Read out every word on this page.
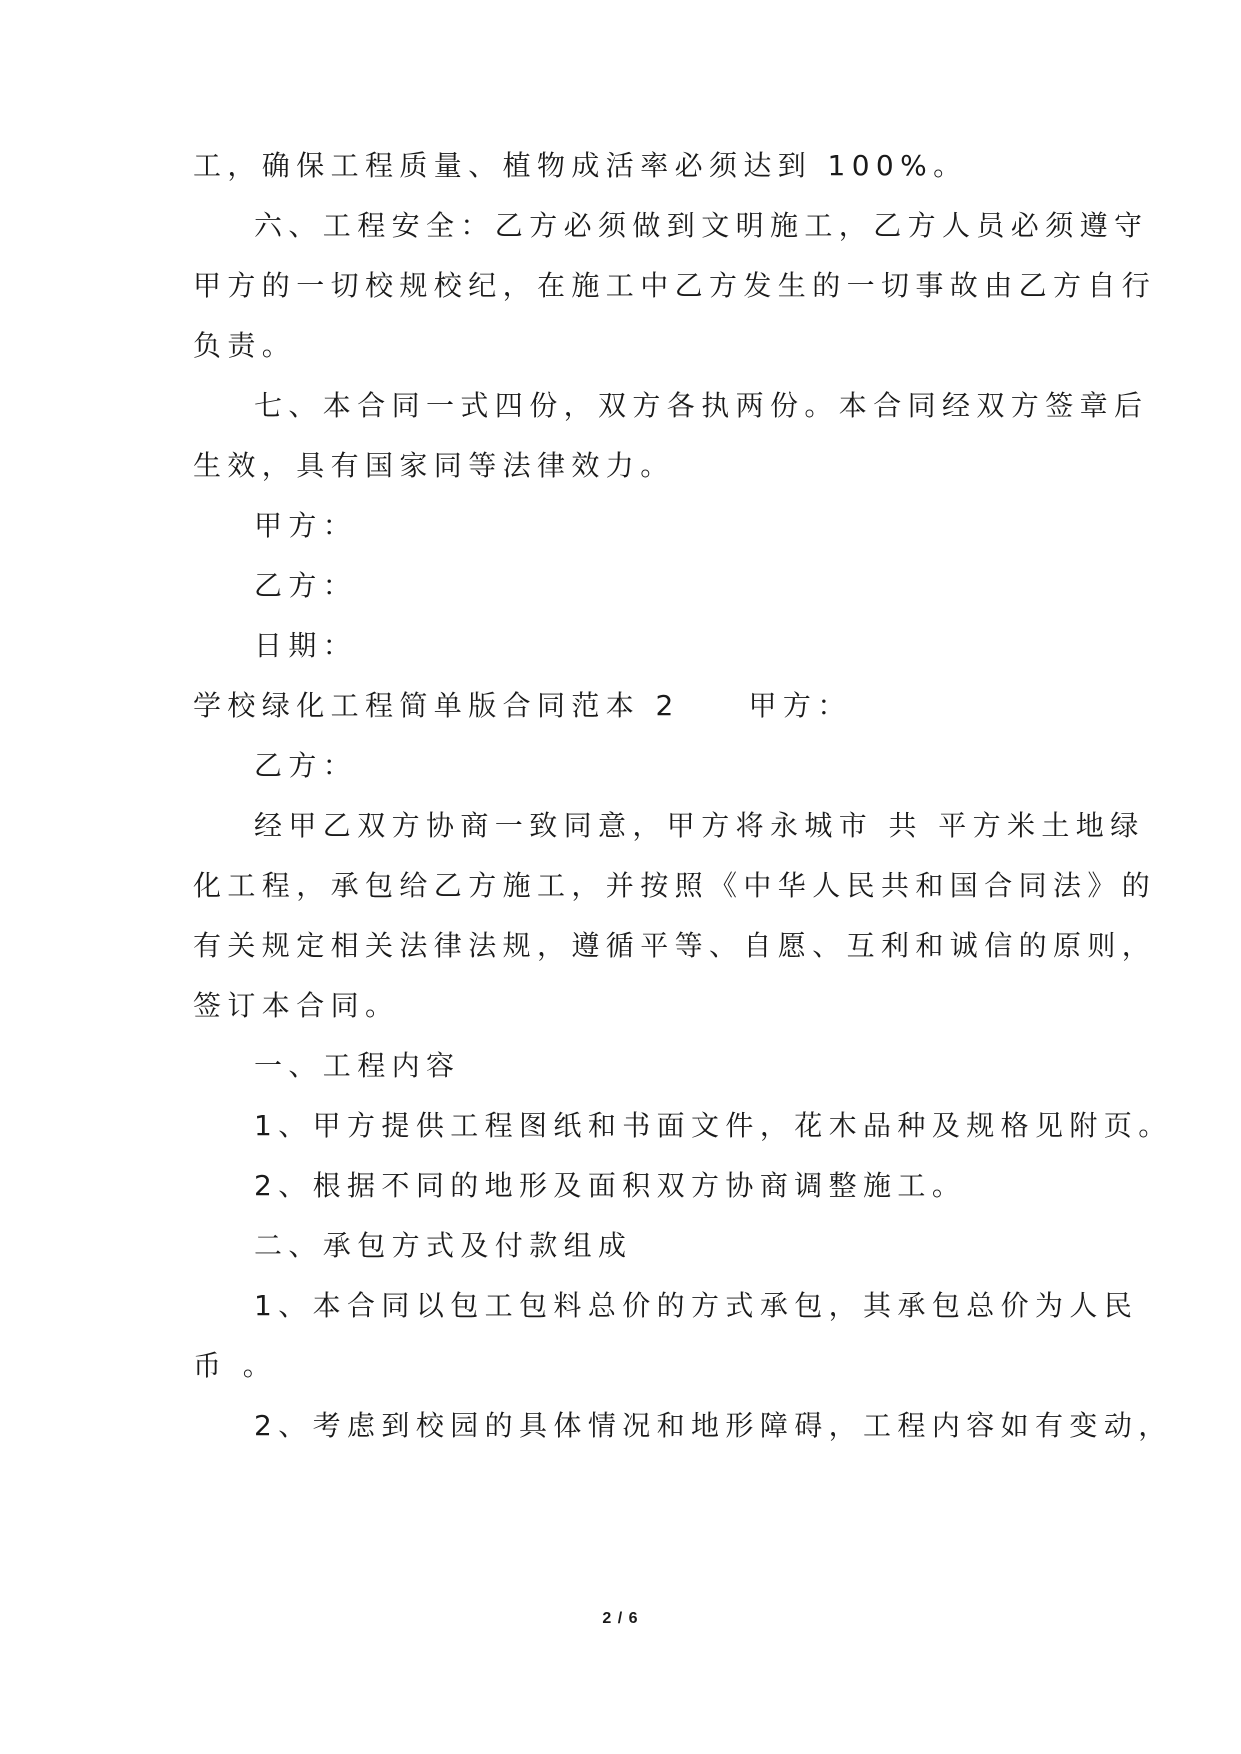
工，确保工程质量、植物成活率必须达到 100%。
六、工程安全：乙方必须做到文明施工，乙方人员必须遵守
甲方的一切校规校纪，在施工中乙方发生的一切事故由乙方自行
负责。
七、本合同一式四份，双方各执两份。本合同经双方签章后
生效，具有国家同等法律效力。
甲方：
乙方：
日期：
学校绿化工程简单版合同范本 2　　甲方：
乙方：
经甲乙双方协商一致同意，甲方将永城市 共 平方米土地绿
化工程，承包给乙方施工，并按照《中华人民共和国合同法》的
有关规定相关法律法规，遵循平等、自愿、互利和诚信的原则，
签订本合同。
一、工程内容
1、甲方提供工程图纸和书面文件，花木品种及规格见附页。
2、根据不同的地形及面积双方协商调整施工。
二、承包方式及付款组成
1、本合同以包工包料总价的方式承包，其承包总价为人民
币 。
2、考虑到校园的具体情况和地形障碍，工程内容如有变动，
2 / 6
